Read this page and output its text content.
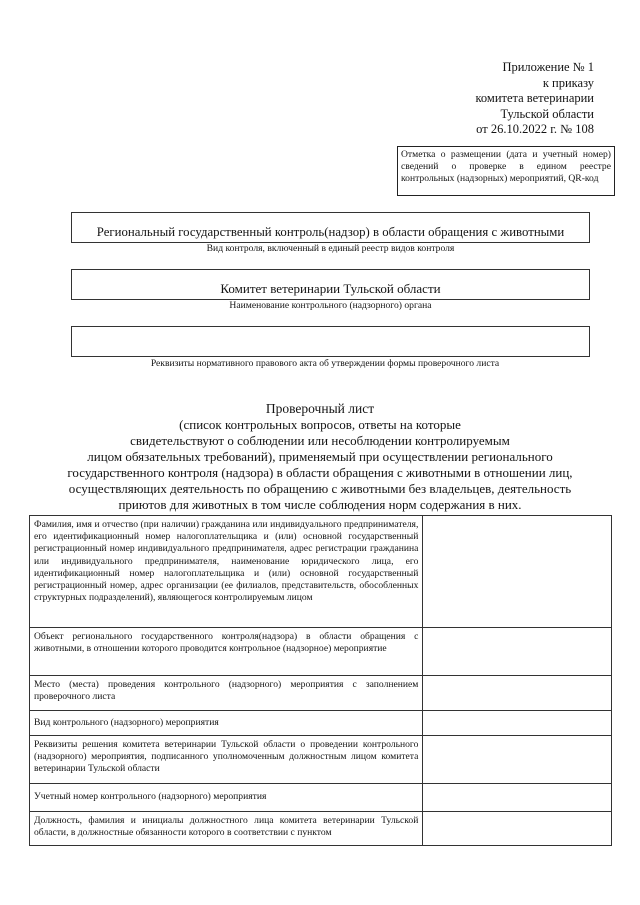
Приложение № 1
к приказу
комитета ветеринарии
Тульской области
от 26.10.2022 г. № 108
Отметка о размещении (дата и учетный номер) сведений о проверке в едином реестре контрольных (надзорных) мероприятий, QR-код
Региональный государственный контроль(надзор) в области обращения с животными
Вид контроля, включенный в единый реестр видов контроля
Комитет ветеринарии Тульской области
Наименование контрольного (надзорного) органа
Реквизиты нормативного правового акта об утверждении формы проверочного листа
Проверочный лист
(список контрольных вопросов, ответы на которые
свидетельствуют о соблюдении или несоблюдении контролируемым
лицом обязательных требований), применяемый при осуществлении регионального
государственного контроля (надзора) в области обращения с животными в отношении лиц,
осуществляющих деятельность по обращению с животными без владельцев, деятельность
приютов для животных в том числе соблюдения норм содержания в них.
Фамилия, имя и отчество (при наличии) гражданина или индивидуального предпринимателя, его идентификационный номер налогоплательщика и (или) основной государственный регистрационный номер индивидуального предпринимателя, адрес регистрации гражданина или индивидуального предпринимателя, наименование юридического лица, его идентификационный номер налогоплательщика и (или) основной государственный регистрационный номер, адрес организации (ее филиалов, представительств, обособленных структурных подразделений), являющегося контролируемым лицом	
Объект регионального государственного контроля(надзора) в области обращения с животными, в отношении которого проводится контрольное (надзорное) мероприятие	
Место (места) проведения контрольного (надзорного) мероприятия с заполнением проверочного листа	
Вид контрольного (надзорного) мероприятия	
Реквизиты решения комитета ветеринарии Тульской области о проведении контрольного (надзорного) мероприятия, подписанного уполномоченным должностным лицом комитета ветеринарии Тульской области	
Учетный номер контрольного (надзорного) мероприятия	
Должность, фамилия и инициалы должностного лица комитета ветеринарии Тульской области, в должностные обязанности которого в соответствии с пунктом	
